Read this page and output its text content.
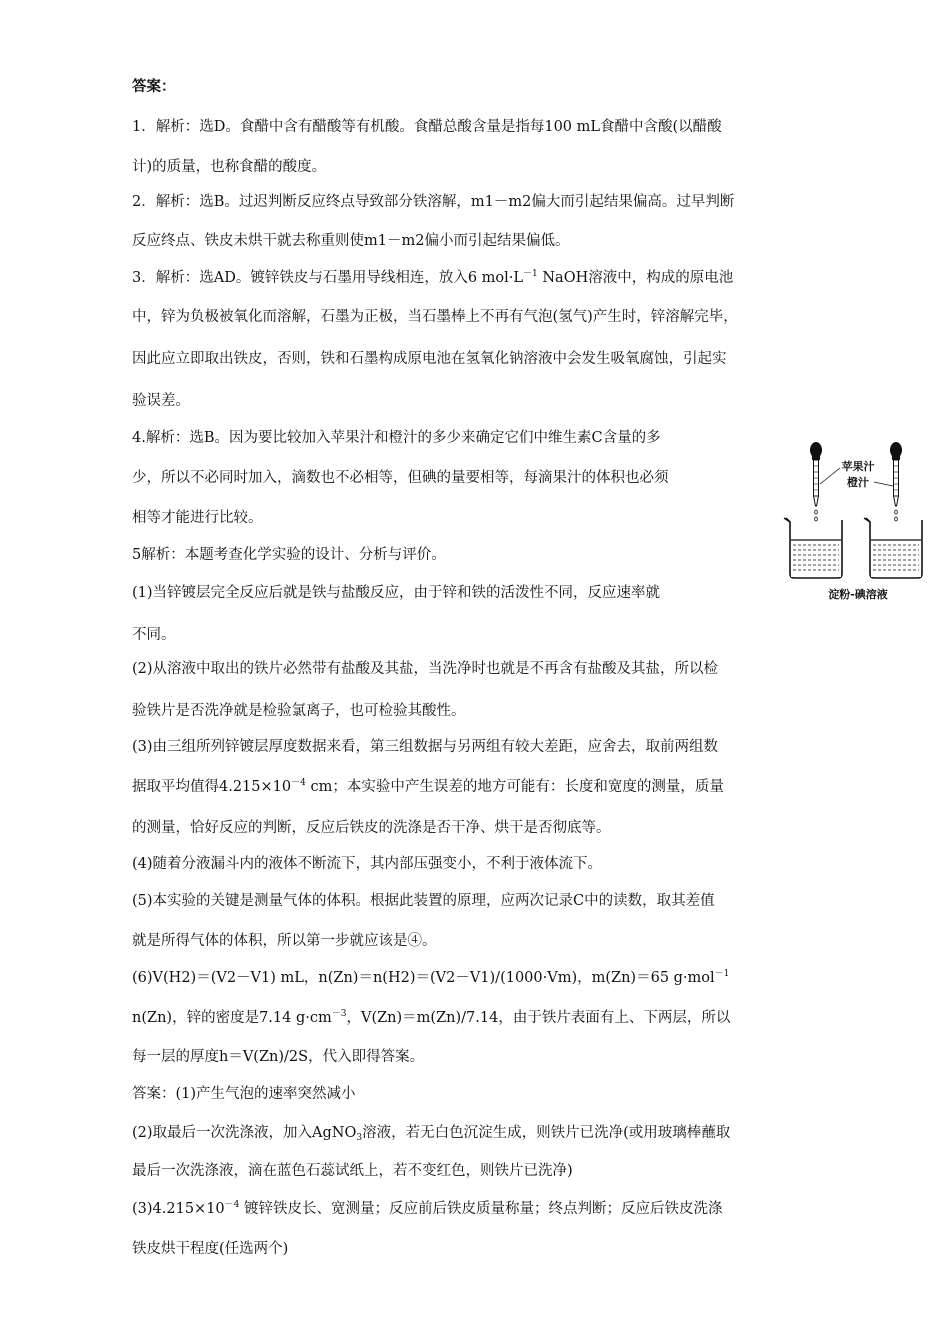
答案：
1．解析：选D。食醋中含有醋酸等有机酸。食醋总酸含量是指每100 mL食醋中含酸(以醋酸
计)的质量，也称食醋的酸度。
2．解析：选B。过迟判断反应终点导致部分铁溶解，m1－m2偏大而引起结果偏高。过早判断
反应终点、铁皮未烘干就去称重则使m1－m2偏小而引起结果偏低。
3．解析：选AD。镀锌铁皮与石墨用导线相连，放入6 $mol\cdot L^{-1}$ NaOH溶液中，构成的原电池
中，锌为负极被氧化而溶解，石墨为正极，当石墨棒上不再有气泡(氢气)产生时，锌溶解完毕，
因此应立即取出铁皮，否则，铁和石墨构成原电池在氢氧化钠溶液中会发生吸氧腐蚀，引起实
验误差。
4.解析：选B。因为要比较加入苹果汁和橙汁的多少来确定它们中维生素C含量的多
少，所以不必同时加入，滴数也不必相等，但碘的量要相等，每滴果汁的体积也必须
相等才能进行比较。
5解析：本题考查化学实验的设计、分析与评价。
(1)当锌镀层完全反应后就是铁与盐酸反应，由于锌和铁的活泼性不同，反应速率就
不同。
(2)从溶液中取出的铁片必然带有盐酸及其盐，当洗净时也就是不再含有盐酸及其盐，所以检
验铁片是否洗净就是检验氯离子，也可检验其酸性。
(3)由三组所列锌镀层厚度数据来看，第三组数据与另两组有较大差距，应舍去，取前两组数
据取平均值得$4.215\times 10^{-4}$ cm；本实验中产生误差的地方可能有：长度和宽度的测量，质量
的测量，恰好反应的判断，反应后铁皮的洗涤是否干净、烘干是否彻底等。
(4)随着分液漏斗内的液体不断流下，其内部压强变小，不利于液体流下。
(5)本实验的关键是测量气体的体积。根据此装置的原理，应两次记录C中的读数，取其差值
就是所得气体的体积，所以第一步就应该是④。
(6)V(H2)＝(V2－V1) mL，n(Zn)＝n(H2)＝(V2－V1)/(1000·Vm)，m(Zn)＝65 g·mol$^{-1}$
n(Zn)，锌的密度是7.14 $g\cdot cm^{-3}$，V(Zn)＝m(Zn)/7.14，由于铁片表面有上、下两层，所以
每一层的厚度h＝V(Zn)/2S，代入即得答案。
答案：(1)产生气泡的速率突然减小
(2)取最后一次洗涤液，加入AgNO$_3$溶液，若无白色沉淀生成，则铁片已洗净(或用玻璃棒蘸取
最后一次洗涤液，滴在蓝色石蕊试纸上，若不变红色，则铁片已洗净)
$(3)4.215\times 10^{-4}$ 镀锌铁皮长、宽测量；反应前后铁皮质量称量；终点判断；反应后铁皮洗涤
铁皮烘干程度(任选两个)
苹果汁
橙汁
淀粉-碘溶液
